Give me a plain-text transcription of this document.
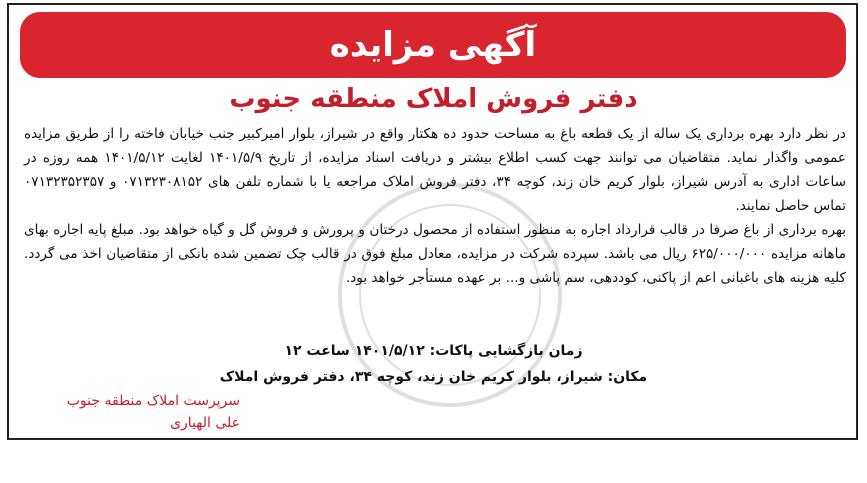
آگهی مزایده
دفتر فروش املاک منطقه جنوب

در نظر دارد بهره برداری یک ساله از یک قطعه باغ به مساحت حدود ده هکتار واقع در شیراز، بلوار امیرکبیر جنب خیابان فاخته را از طریق مزایده عمومی واگذار نماید. متقاضیان می توانند جهت کسب اطلاع بیشتر و دریافت اسناد مزایده، از تاریخ ۱۴۰۱/۵/۹ لغایت ۱۴۰۱/۵/۱۲ همه روزه در ساعات اداری به آدرس شیراز، بلوار کریم خان زند، کوچه ۳۴، دفتر فروش املاک مراجعه یا با شماره تلفن های ۰۷۱۳۲۳۰۸۱۵۲ و ۰۷۱۳۲۳۵۲۳۵۷ تماس حاصل نمایند.

بهره برداری از باغ صرفا در قالب قرارداد اجاره به منظور استفاده از محصول درختان و پرورش و فروش گل و گیاه خواهد بود. مبلغ پایه اجاره بهای ماهانه مزایده ۶۲۵/۰۰۰/۰۰۰ ریال می باشد. سپرده شرکت در مزایده، معادل مبلغ فوق در قالب چک تضمین شده بانکی از متقاضیان اخذ می گردد. کلیه هزینه های باغبانی اعم از پاکنی، کوددهی، سم پاشی و... بر عهده مستأجر خواهد بود.

زمان بازگشایی پاکات: ۱۴۰۱/۵/۱۲ ساعت ۱۲
مکان: شیراز، بلوار کریم خان زند، کوچه ۳۴، دفتر فروش املاک
سرپرست املاک منطقه جنوب
علی الهیاری
